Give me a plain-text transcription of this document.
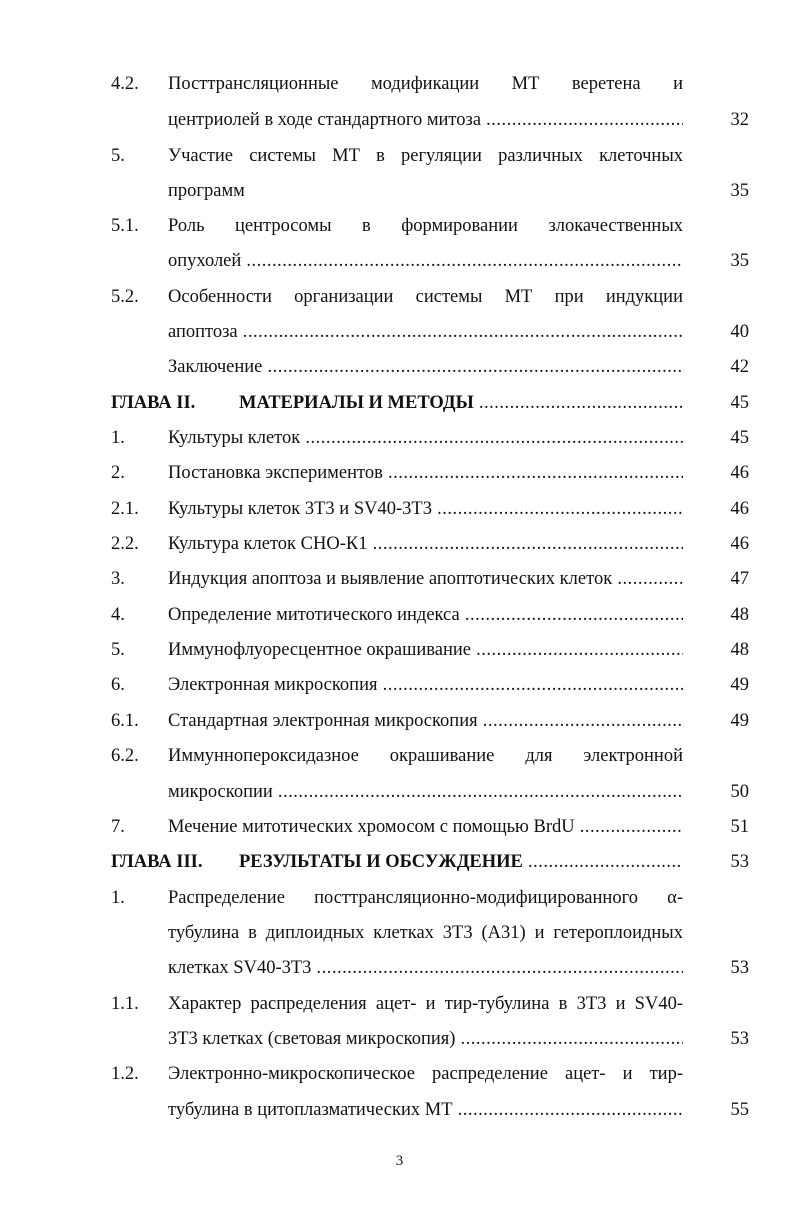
4.2. Посттрансляционные модификации МТ веретена и
центриолей в ходе стандартного митоза .....	32
5. Участие системы МТ в регуляции различных клеточных
программ	35
5.1. Роль центросомы в формировании злокачественных
опухолей .....	35
5.2. Особенности организации системы МТ при индукции
апоптоза .....	40
Заключение .....	42
ГЛАВА II. МАТЕРИАЛЫ И МЕТОДЫ .....	45
1. Культуры клеток .....	45
2. Постановка экспериментов .....	46
2.1. Культуры клеток 3Т3 и SV40-3Т3 .....	46
2.2. Культура клеток СНО-К1 .....	46
3. Индукция апоптоза и выявление апоптотических клеток .....	47
4. Определение митотического индекса .....	48
5. Иммунофлуоресцентное окрашивание .....	48
6. Электронная микроскопия .....	49
6.1. Стандартная электронная микроскопия .....	49
6.2. Иммуннопероксидазное окрашивание для электронной
микроскопии .....	50
7. Мечение митотических хромосом с помощью BrdU .....	51
ГЛАВА III. РЕЗУЛЬТАТЫ И ОБСУЖДЕНИЕ .....	53
1. Распределение посттрансляционно-модифицированного α-
тубулина в диплоидных клетках 3Т3 (А31) и гетероплоидных
клетках SV40-3Т3 .....	53
1.1. Характер распределения ацет- и тир-тубулина в 3Т3 и SV40-
3Т3 клетках (световая микроскопия) .....	53
1.2. Электронно-микроскопическое распределение ацет- и тир-
тубулина в цитоплазматических МТ .....	55
3
